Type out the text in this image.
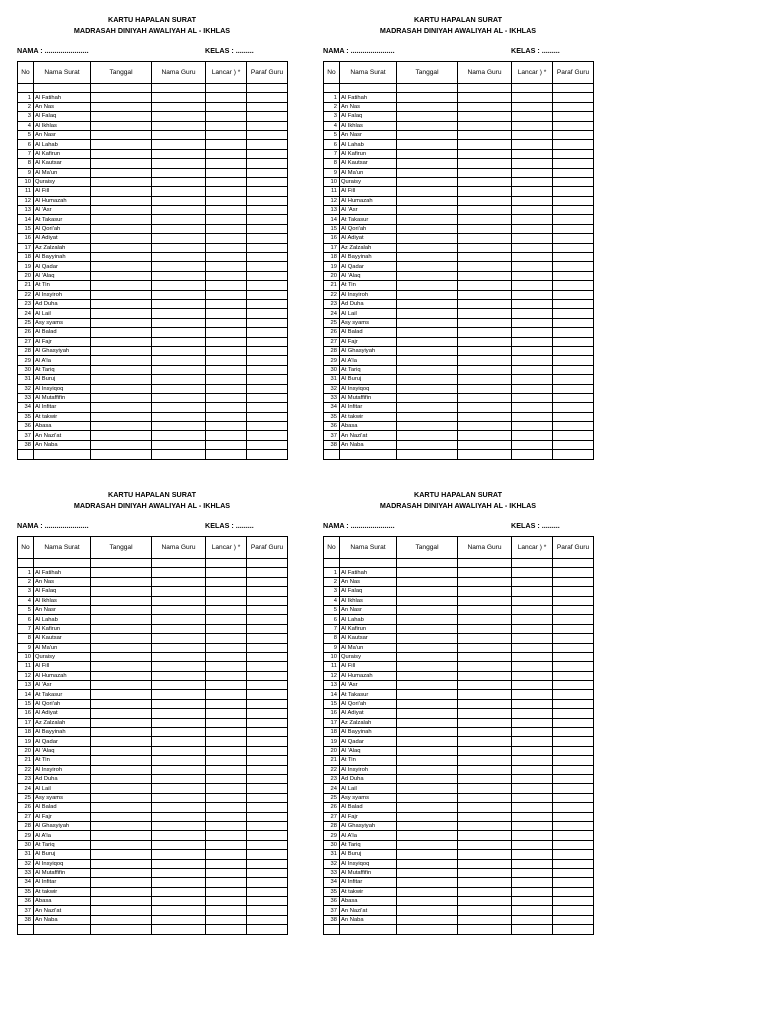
KARTU HAPALAN SURAT
MADRASAH DINIYAH AWALIYAH AL - IKHLAS
NAMA : ......................	KELAS : .........
No	Nama Surat	Tanggal	Nama Guru	Lancar ) *	Paraf Guru

1	Al Fatihah				
2	An Nas				
3	Al Falaq				
4	Al Ikhlas				
5	An Nasr				
6	Al Lahab				
7	Al Kafirun				
8	Al Kautsar				
9	Al Ma'un				
10	Quraisy				
11	Al Fill				
12	Al Humazah				
13	Al 'Asr				
14	At Takasur				
15	Al Qori'ah				
16	Al Adiyat				
17	Az Zalzalah				
18	Al Bayyinah				
19	Al Qadar				
20	Al 'Alaq				
21	At Tin				
22	Al Insyiroh				
23	Ad Duha				
24	Al Lail				
25	Asy syams				
26	Al Balad				
27	Al Fajr				
28	Al Ghasyiyah				
29	Al A'la				
30	At Tariq				
31	Al Buruj				
32	Al Insyiqoq				
33	Al Mutaffifin				
34	Al Infitar				
35	At takwir				
36	Abasa				
37	An Nazi'at				
38	An Naba				

KARTU HAPALAN SURAT
MADRASAH DINIYAH AWALIYAH AL - IKHLAS
NAMA : ......................	KELAS : .........
No	Nama Surat	Tanggal	Nama Guru	Lancar ) *	Paraf Guru

1	Al Fatihah				
2	An Nas				
3	Al Falaq				
4	Al Ikhlas				
5	An Nasr				
6	Al Lahab				
7	Al Kafirun				
8	Al Kautsar				
9	Al Ma'un				
10	Quraisy				
11	Al Fill				
12	Al Humazah				
13	Al 'Asr				
14	At Takasur				
15	Al Qori'ah				
16	Al Adiyat				
17	Az Zalzalah				
18	Al Bayyinah				
19	Al Qadar				
20	Al 'Alaq				
21	At Tin				
22	Al Insyiroh				
23	Ad Duha				
24	Al Lail				
25	Asy syams				
26	Al Balad				
27	Al Fajr				
28	Al Ghasyiyah				
29	Al A'la				
30	At Tariq				
31	Al Buruj				
32	Al Insyiqoq				
33	Al Mutaffifin				
34	Al Infitar				
35	At takwir				
36	Abasa				
37	An Nazi'at				
38	An Naba				

KARTU HAPALAN SURAT
MADRASAH DINIYAH AWALIYAH AL - IKHLAS
NAMA : ......................	KELAS : .........
No	Nama Surat	Tanggal	Nama Guru	Lancar ) *	Paraf Guru

1	Al Fatihah				
2	An Nas				
3	Al Falaq				
4	Al Ikhlas				
5	An Nasr				
6	Al Lahab				
7	Al Kafirun				
8	Al Kautsar				
9	Al Ma'un				
10	Quraisy				
11	Al Fill				
12	Al Humazah				
13	Al 'Asr				
14	At Takasur				
15	Al Qori'ah				
16	Al Adiyat				
17	Az Zalzalah				
18	Al Bayyinah				
19	Al Qadar				
20	Al 'Alaq				
21	At Tin				
22	Al Insyiroh				
23	Ad Duha				
24	Al Lail				
25	Asy syams				
26	Al Balad				
27	Al Fajr				
28	Al Ghasyiyah				
29	Al A'la				
30	At Tariq				
31	Al Buruj				
32	Al Insyiqoq				
33	Al Mutaffifin				
34	Al Infitar				
35	At takwir				
36	Abasa				
37	An Nazi'at				
38	An Naba				

KARTU HAPALAN SURAT
MADRASAH DINIYAH AWALIYAH AL - IKHLAS
NAMA : ......................	KELAS : .........
No	Nama Surat	Tanggal	Nama Guru	Lancar ) *	Paraf Guru

1	Al Fatihah				
2	An Nas				
3	Al Falaq				
4	Al Ikhlas				
5	An Nasr				
6	Al Lahab				
7	Al Kafirun				
8	Al Kautsar				
9	Al Ma'un				
10	Quraisy				
11	Al Fill				
12	Al Humazah				
13	Al 'Asr				
14	At Takasur				
15	Al Qori'ah				
16	Al Adiyat				
17	Az Zalzalah				
18	Al Bayyinah				
19	Al Qadar				
20	Al 'Alaq				
21	At Tin				
22	Al Insyiroh				
23	Ad Duha				
24	Al Lail				
25	Asy syams				
26	Al Balad				
27	Al Fajr				
28	Al Ghasyiyah				
29	Al A'la				
30	At Tariq				
31	Al Buruj				
32	Al Insyiqoq				
33	Al Mutaffifin				
34	Al Infitar				
35	At takwir				
36	Abasa				
37	An Nazi'at				
38	An Naba				
